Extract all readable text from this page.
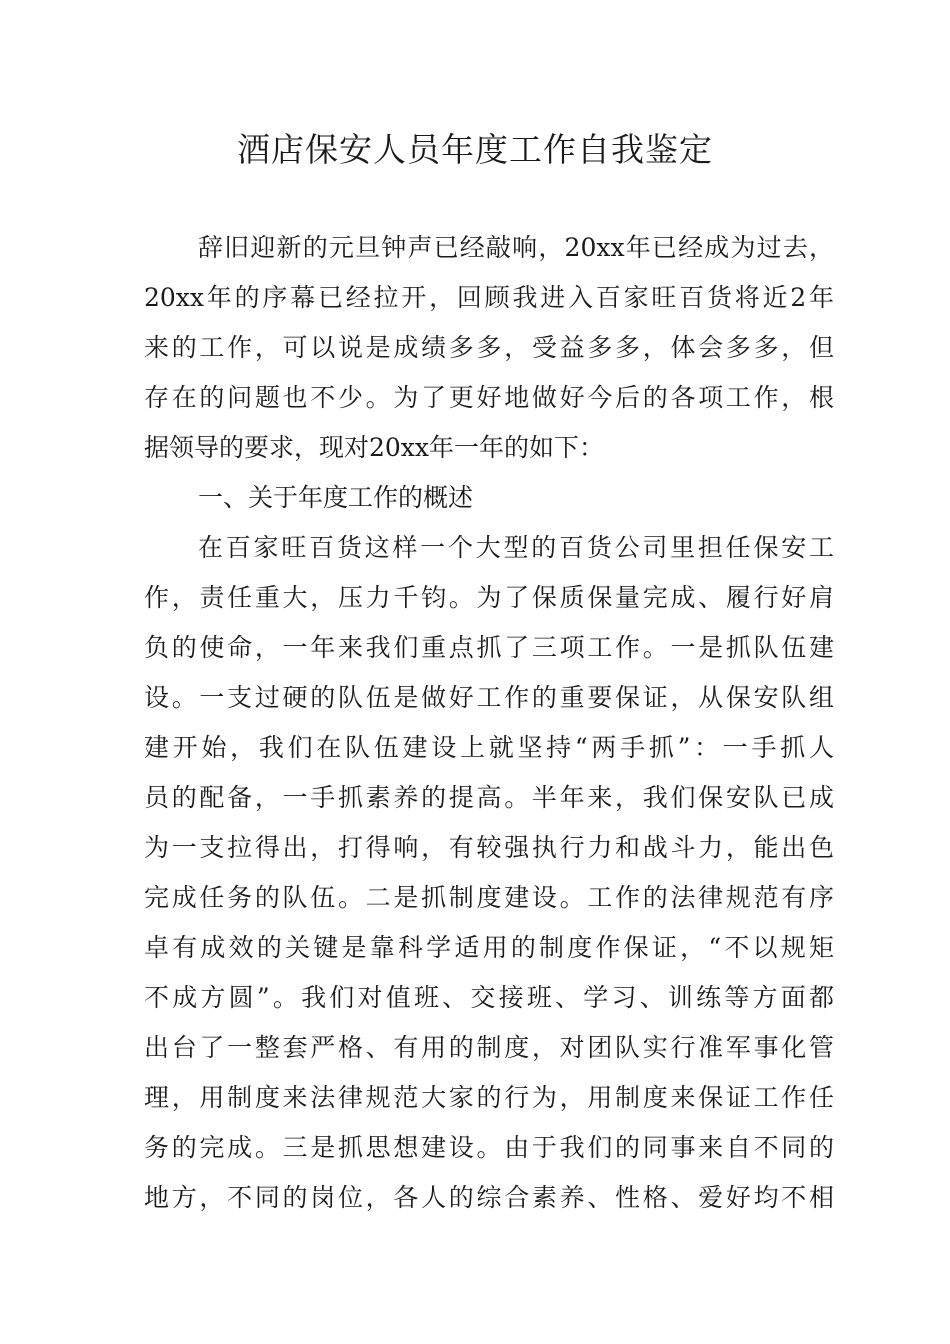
酒店保安人员年度工作自我鉴定

辞旧迎新的元旦钟声已经敲响，20xx年已经成为过去，

20xx年的序幕已经拉开，回顾我进入百家旺百货将近2年

来的工作，可以说是成绩多多，受益多多，体会多多，但

存在的问题也不少。为了更好地做好今后的各项工作，根

据领导的要求，现对20xx年一年的如下：

一、关于年度工作的概述

在百家旺百货这样一个大型的百货公司里担任保安工

作，责任重大，压力千钧。为了保质保量完成、履行好肩

负的使命，一年来我们重点抓了三项工作。一是抓队伍建

设。一支过硬的队伍是做好工作的重要保证，从保安队组

建开始，我们在队伍建设上就坚持“两手抓”：一手抓人

员的配备，一手抓素养的提高。半年来，我们保安队已成

为一支拉得出，打得响，有较强执行力和战斗力，能出色

完成任务的队伍。二是抓制度建设。工作的法律规范有序

卓有成效的关键是靠科学适用的制度作保证，“不以规矩

不成方圆”。我们对值班、交接班、学习、训练等方面都

出台了一整套严格、有用的制度，对团队实行准军事化管

理，用制度来法律规范大家的行为，用制度来保证工作任

务的完成。三是抓思想建设。由于我们的同事来自不同的

地方，不同的岗位，各人的综合素养、性格、爱好均不相
